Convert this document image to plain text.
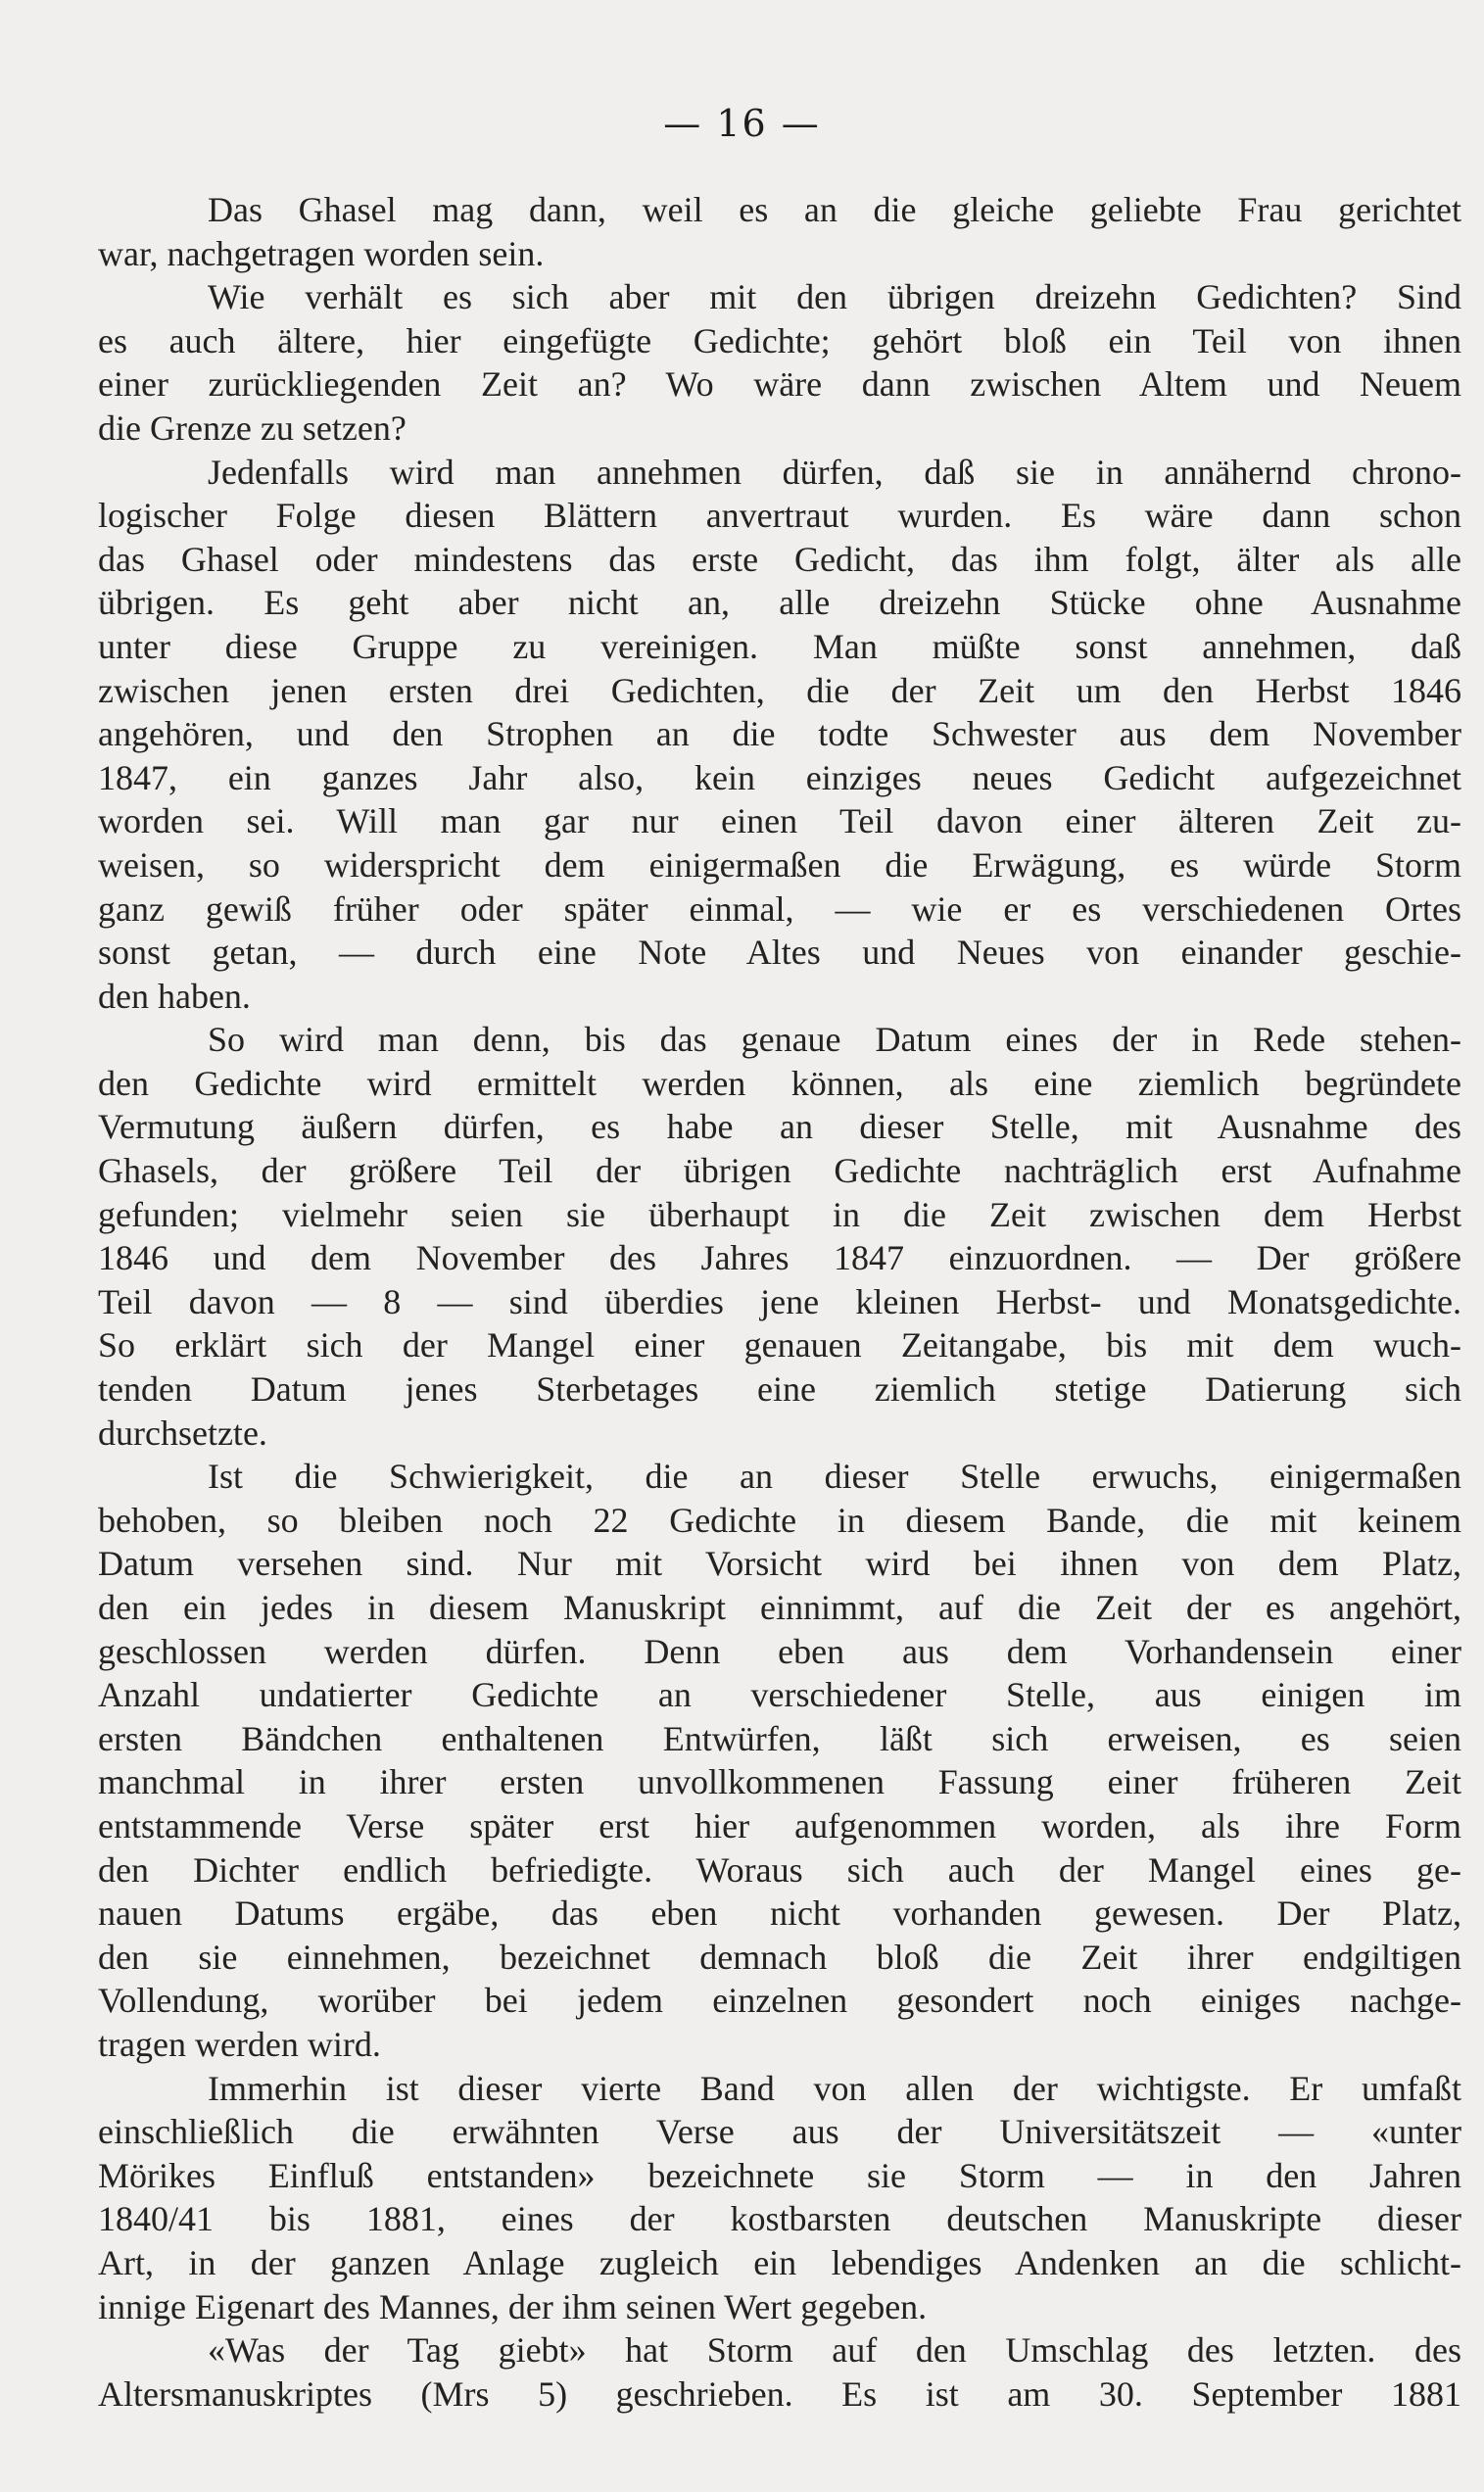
— 16 —
Das Ghasel mag dann, weil es an die gleiche geliebte Frau gerichtet
war, nachgetragen worden sein.
Wie verhält es sich aber mit den übrigen dreizehn Gedichten? Sind
es auch ältere, hier eingefügte Gedichte; gehört bloß ein Teil von ihnen
einer zurückliegenden Zeit an? Wo wäre dann zwischen Altem und Neuem
die Grenze zu setzen?
Jedenfalls wird man annehmen dürfen, daß sie in annähernd chrono-
logischer Folge diesen Blättern anvertraut wurden. Es wäre dann schon
das Ghasel oder mindestens das erste Gedicht, das ihm folgt, älter als alle
übrigen. Es geht aber nicht an, alle dreizehn Stücke ohne Ausnahme
unter diese Gruppe zu vereinigen. Man müßte sonst annehmen, daß
zwischen jenen ersten drei Gedichten, die der Zeit um den Herbst 1846
angehören, und den Strophen an die todte Schwester aus dem November
1847, ein ganzes Jahr also, kein einziges neues Gedicht aufgezeichnet
worden sei. Will man gar nur einen Teil davon einer älteren Zeit zu-
weisen, so widerspricht dem einigermaßen die Erwägung, es würde Storm
ganz gewiß früher oder später einmal, — wie er es verschiedenen Ortes
sonst getan, — durch eine Note Altes und Neues von einander geschie-
den haben.
So wird man denn, bis das genaue Datum eines der in Rede stehen-
den Gedichte wird ermittelt werden können, als eine ziemlich begründete
Vermutung äußern dürfen, es habe an dieser Stelle, mit Ausnahme des
Ghasels, der größere Teil der übrigen Gedichte nachträglich erst Aufnahme
gefunden; vielmehr seien sie überhaupt in die Zeit zwischen dem Herbst
1846 und dem November des Jahres 1847 einzuordnen. — Der größere
Teil davon — 8 — sind überdies jene kleinen Herbst- und Monatsgedichte.
So erklärt sich der Mangel einer genauen Zeitangabe, bis mit dem wuch-
tenden Datum jenes Sterbetages eine ziemlich stetige Datierung sich
durchsetzte.
Ist die Schwierigkeit, die an dieser Stelle erwuchs, einigermaßen
behoben, so bleiben noch 22 Gedichte in diesem Bande, die mit keinem
Datum versehen sind. Nur mit Vorsicht wird bei ihnen von dem Platz,
den ein jedes in diesem Manuskript einnimmt, auf die Zeit der es angehört,
geschlossen werden dürfen. Denn eben aus dem Vorhandensein einer
Anzahl undatierter Gedichte an verschiedener Stelle, aus einigen im
ersten Bändchen enthaltenen Entwürfen, läßt sich erweisen, es seien
manchmal in ihrer ersten unvollkommenen Fassung einer früheren Zeit
entstammende Verse später erst hier aufgenommen worden, als ihre Form
den Dichter endlich befriedigte. Woraus sich auch der Mangel eines ge-
nauen Datums ergäbe, das eben nicht vorhanden gewesen. Der Platz,
den sie einnehmen, bezeichnet demnach bloß die Zeit ihrer endgiltigen
Vollendung, worüber bei jedem einzelnen gesondert noch einiges nachge-
tragen werden wird.
Immerhin ist dieser vierte Band von allen der wichtigste. Er umfaßt
einschließlich die erwähnten Verse aus der Universitätszeit — «unter
Mörikes Einfluß entstanden» bezeichnete sie Storm — in den Jahren
1840/41 bis 1881, eines der kostbarsten deutschen Manuskripte dieser
Art, in der ganzen Anlage zugleich ein lebendiges Andenken an die schlicht-
innige Eigenart des Mannes, der ihm seinen Wert gegeben.
«Was der Tag giebt» hat Storm auf den Umschlag des letzten. des
Altersmanuskriptes (Mrs 5) geschrieben. Es ist am 30. September 1881
